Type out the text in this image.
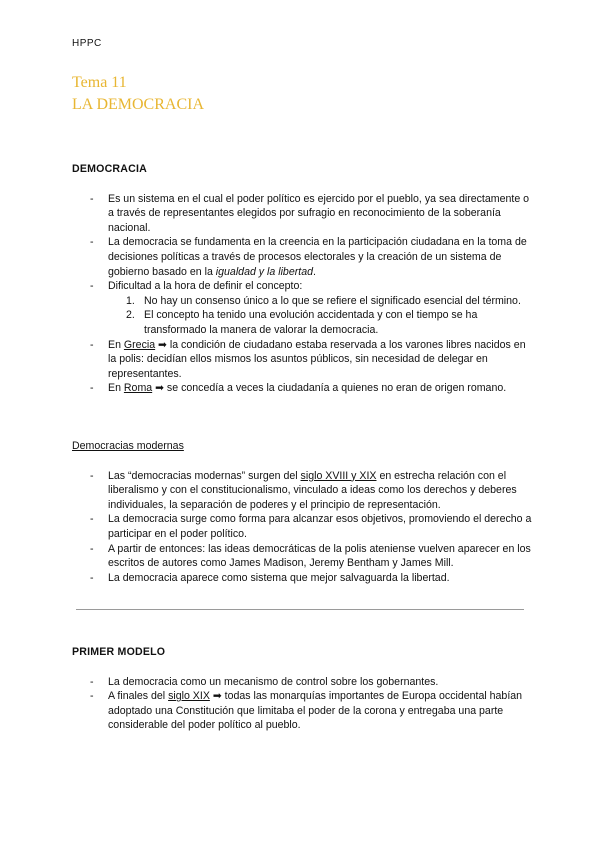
HPPC
Tema 11
LA DEMOCRACIA
DEMOCRACIA
- Es un sistema en el cual el poder político es ejercido por el pueblo, ya sea directamente o a través de representantes elegidos por sufragio en reconocimiento de la soberanía nacional.
- La democracia se fundamenta en la creencia en la participación ciudadana en la toma de decisiones políticas a través de procesos electorales y la creación de un sistema de gobierno basado en la igualdad y la libertad.
- Dificultad a la hora de definir el concepto:
1. No hay un consenso único a lo que se refiere el significado esencial del término.
2. El concepto ha tenido una evolución accidentada y con el tiempo se ha transformado la manera de valorar la democracia.
- En Grecia ➡ la condición de ciudadano estaba reservada a los varones libres nacidos en la polis: decidían ellos mismos los asuntos públicos, sin necesidad de delegar en representantes.
- En Roma ➡ se concedía a veces la ciudadanía a quienes no eran de origen romano.
Democracias modernas
- Las “democracias modernas” surgen del siglo XVIII y XIX en estrecha relación con el liberalismo y con el constitucionalismo, vinculado a ideas como los derechos y deberes individuales, la separación de poderes y el principio de representación.
- La democracia surge como forma para alcanzar esos objetivos, promoviendo el derecho a participar en el poder político.
- A partir de entonces: las ideas democráticas de la polis ateniense vuelven aparecer en los escritos de autores como James Madison, Jeremy Bentham y James Mill.
- La democracia aparece como sistema que mejor salvaguarda la libertad.
PRIMER MODELO
- La democracia como un mecanismo de control sobre los gobernantes.
- A finales del siglo XIX ➡ todas las monarquías importantes de Europa occidental habían adoptado una Constitución que limitaba el poder de la corona y entregaba una parte considerable del poder político al pueblo.
